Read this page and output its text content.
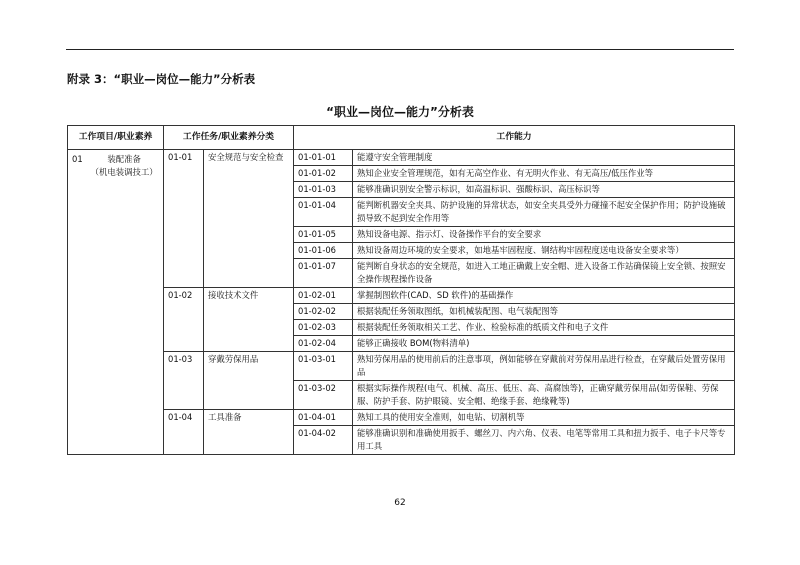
附录 3：“职业—岗位—能力”分析表
“职业—岗位—能力”分析表
工作项目/职业素养	工作任务/职业素养分类		工作能力	

01 装配准备
（机电装调技工）	01-01	安全规范与安全检查	01-01-01	能遵守安全管理制度
			01-01-02	熟知企业安全管理规范，如有无高空作业、有无明火作业、有无高压/低压作业等
			01-01-03	能够准确识别安全警示标识，如高温标识、强酸标识、高压标识等
			01-01-04	能判断机器安全夹具、防护设施的异常状态，如安全夹具受外力碰撞不起安全保护作用；防护设施破损导致不起到安全作用等
			01-01-05	熟知设备电源、指示灯、设备操作平台的安全要求
			01-01-06	熟知设备周边环境的安全要求，如地基牢固程度、钢结构牢固程度送电设备安全要求等）
			01-01-07	能判断自身状态的安全规范，如进入工地正确戴上安全帽、进入设备工作站确保镜上安全锁、按照安全操作规程操作设备
	01-02	接收技术文件	01-02-01	掌握制图软件(CAD、SD 软件)的基础操作
			01-02-02	根据装配任务领取图纸，如机械装配图、电气装配图等
			01-02-03	根据装配任务领取相关工艺、作业、检验标准的纸质文件和电子文件
			01-02-04	能够正确接收 BOM(物料清单)
	01-03	穿戴劳保用品	01-03-01	熟知劳保用品的使用前后的注意事项，例如能够在穿戴前对劳保用品进行检查，在穿戴后处置劳保用品
			01-03-02	根据实际操作规程(电气、机械、高压、低压、高、高腐蚀等)，正确穿戴劳保用品(如劳保鞋、劳保服、防护手套、防护眼镜、安全帽、绝缘手套、绝缘靴等)
	01-04	工具准备	01-04-01	熟知工具的使用安全准则，如电钻、切割机等
			01-04-02	能够准确识别和准确使用扳手、螺丝刀、内六角、仪表、电笔等常用工具和扭力扳手、电子卡尺等专用工具
62
